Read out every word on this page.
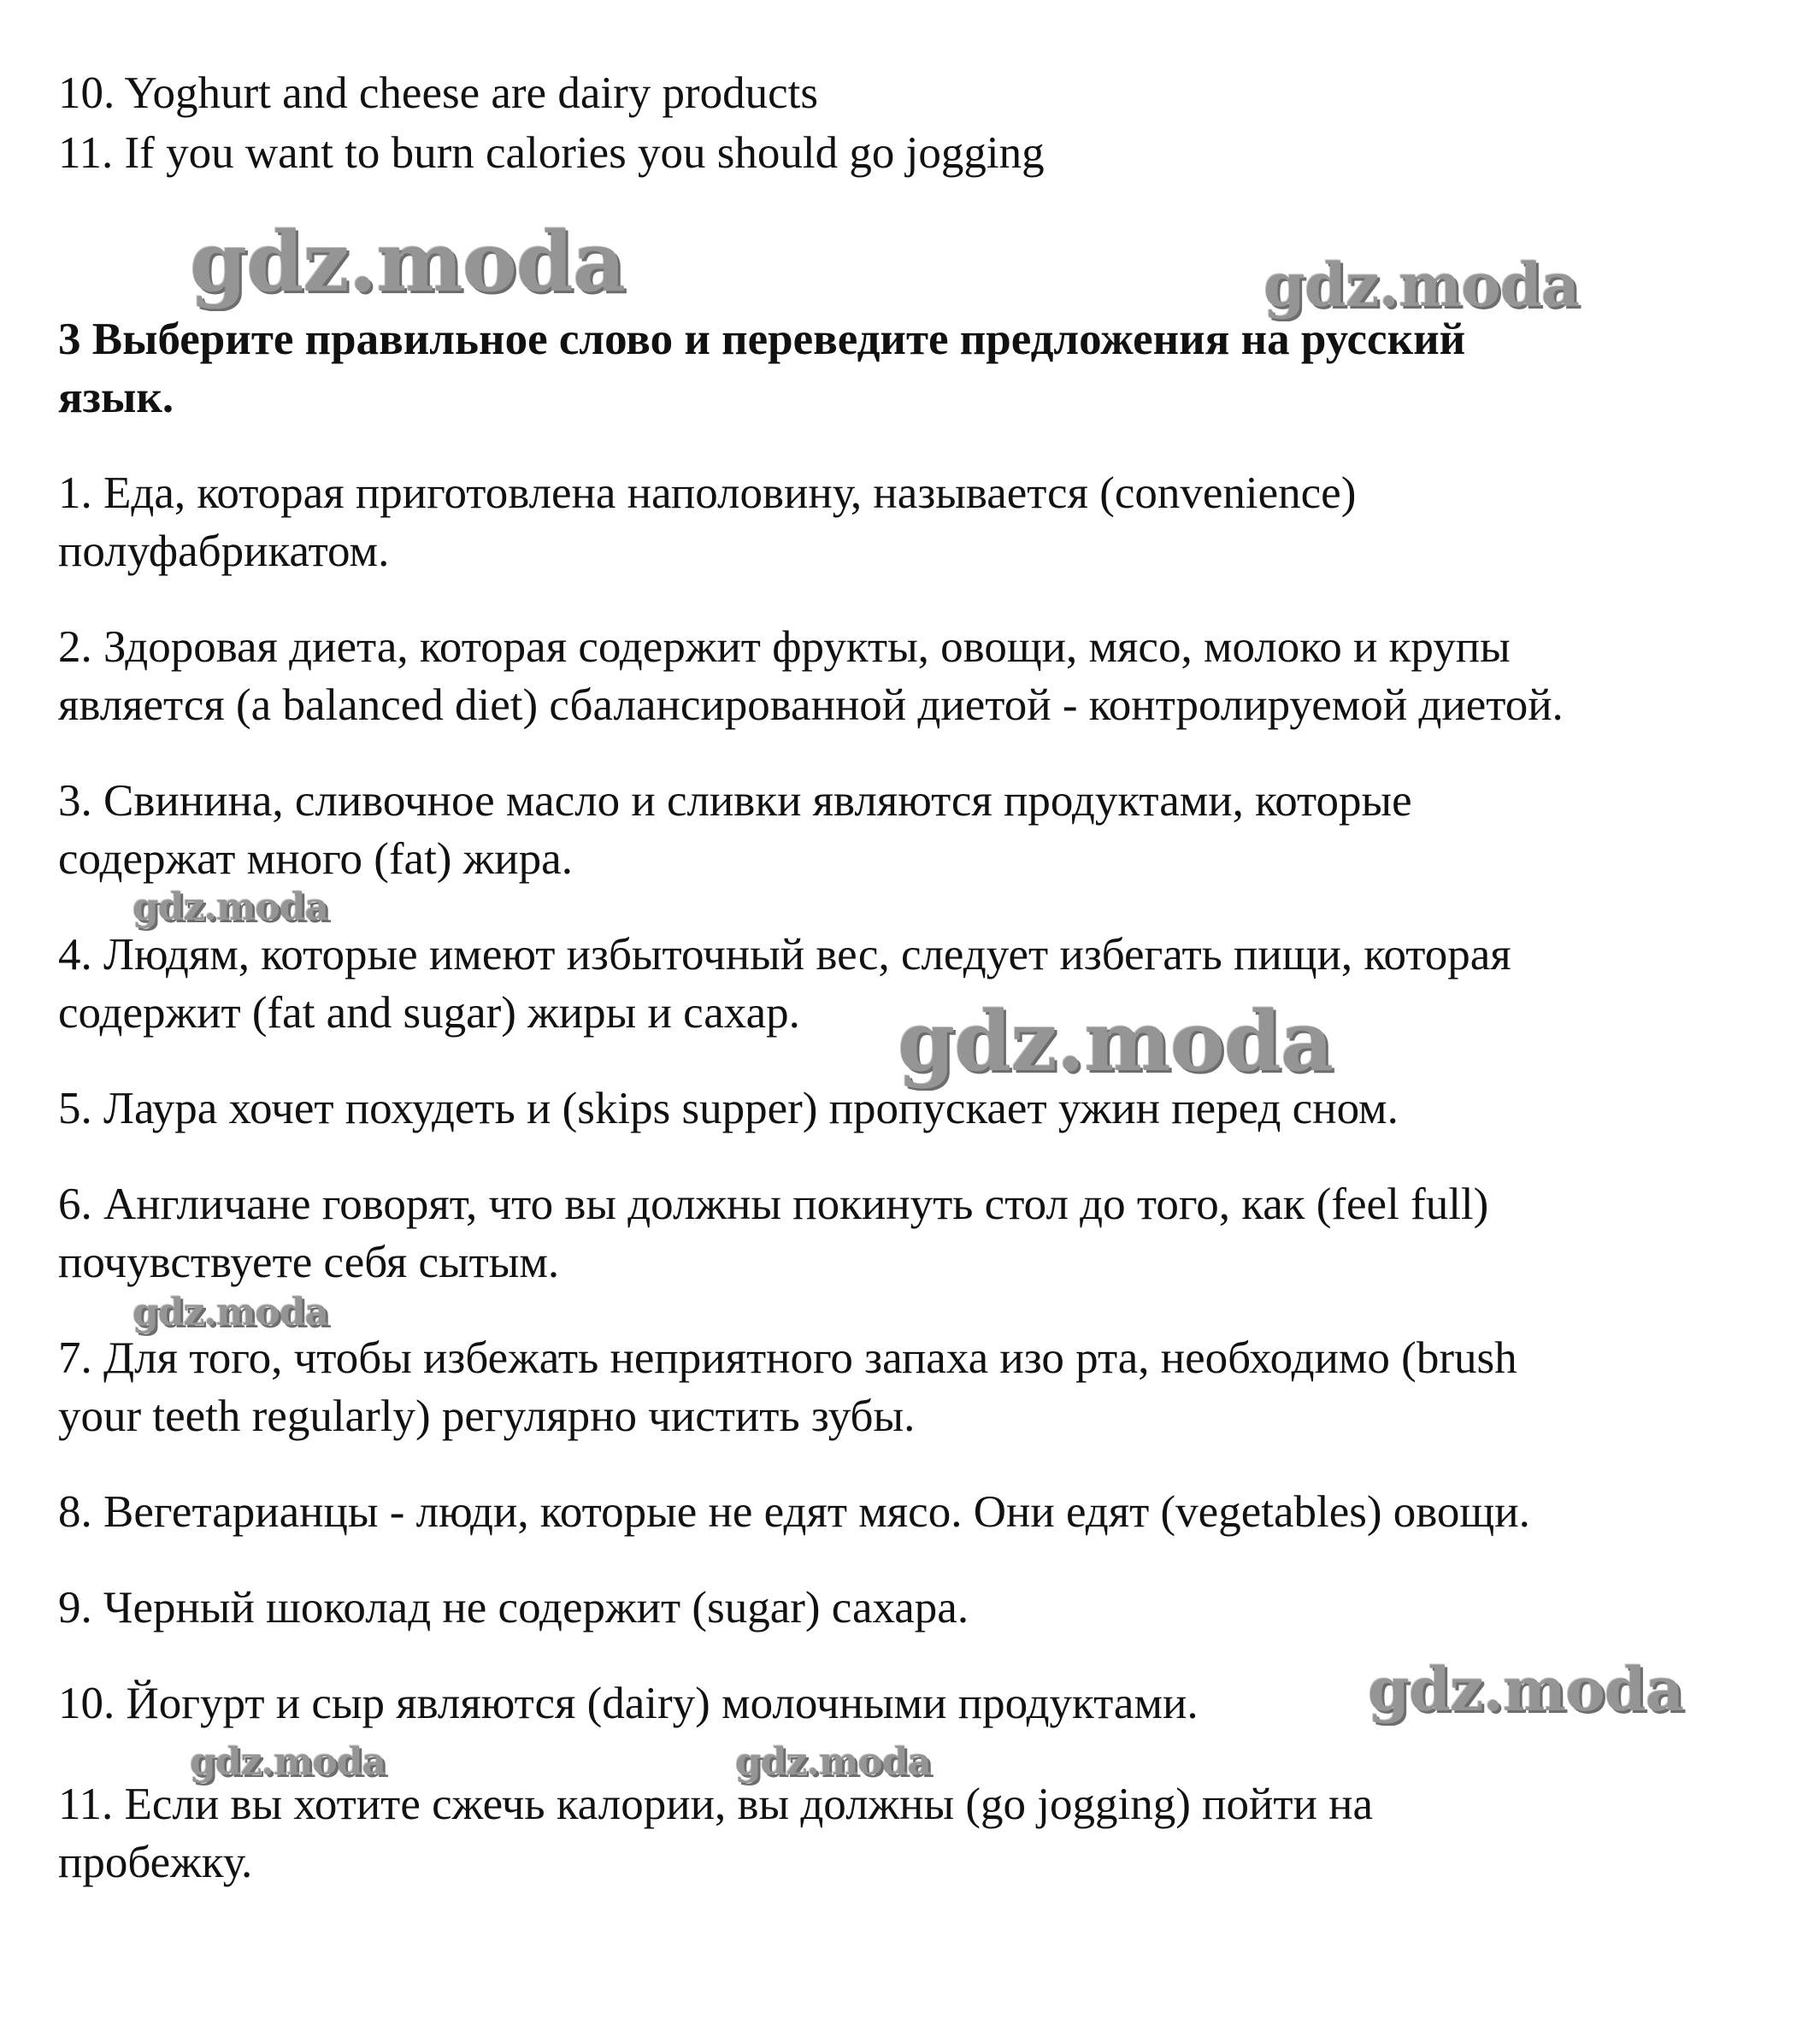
10. Yoghurt and cheese are dairy products
11. If you want to burn calories you should go jogging
3 Выберите правильное слово и переведите предложения на русский
язык.
1. Еда, которая приготовлена наполовину, называется (convenience)
полуфабрикатом.
2. Здоровая диета, которая содержит фрукты, овощи, мясо, молоко и крупы
является (a balanced diet) сбалансированной диетой - контролируемой диетой.
3. Свинина, сливочное масло и сливки являются продуктами, которые
содержат много (fat) жира.
4. Людям, которые имеют избыточный вес, следует избегать пищи, которая
содержит (fat and sugar) жиры и сахар.
5. Лаура хочет похудеть и (skips supper) пропускает ужин перед сном.
6. Англичане говорят, что вы должны покинуть стол до того, как (feel full)
почувствуете себя сытым.
7. Для того, чтобы избежать неприятного запаха изо рта, необходимо (brush
your teeth regularly) регулярно чистить зубы.
8. Вегетарианцы - люди, которые не едят мясо. Они едят (vegetables) овощи.
9. Черный шоколад не содержит (sugar) сахара.
10. Йогурт и сыр являются (dairy) молочными продуктами.
11. Если вы хотите сжечь калории, вы должны (go jogging) пойти на
пробежку.
gdz.moda	gdz.moda
gdz.moda
gdz.moda
gdz.moda
gdz.moda
gdz.moda	gdz.moda
